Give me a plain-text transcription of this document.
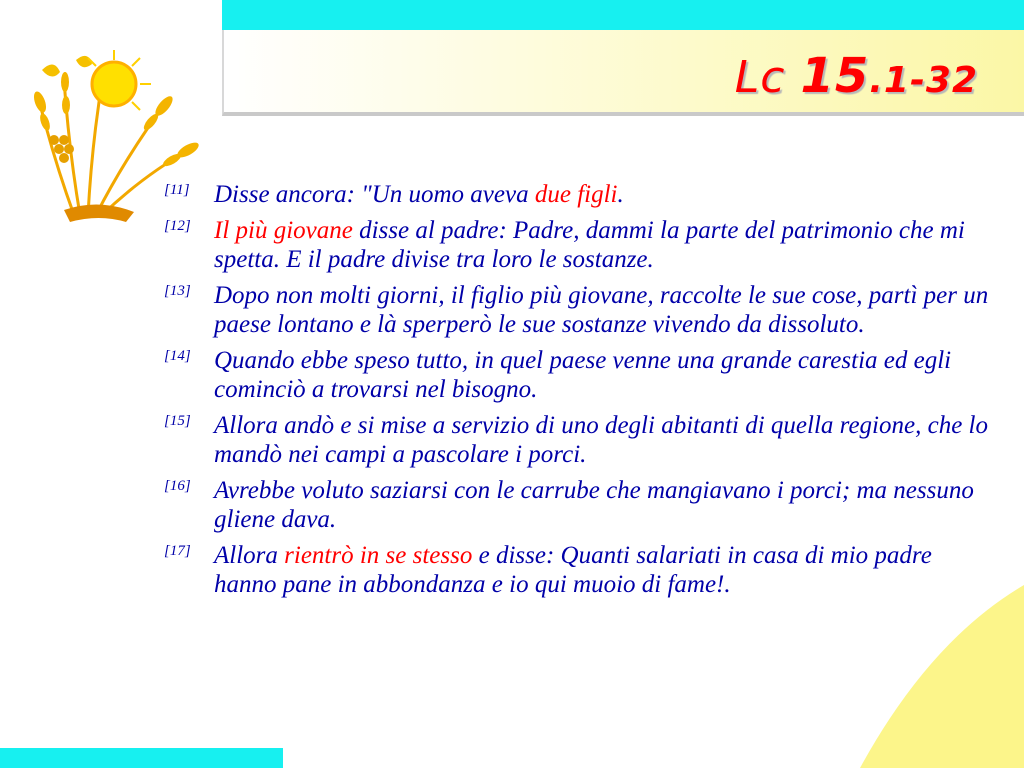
Lc 15.1-32
[11] Disse ancora: "Un uomo aveva due figli.
[12] Il più giovane disse al padre: Padre, dammi la parte del patrimonio che mi spetta. E il padre divise tra loro le sostanze.
[13] Dopo non molti giorni, il figlio più giovane, raccolte le sue cose, partì per un paese lontano e là sperperò le sue sostanze vivendo da dissoluto.
[14] Quando ebbe speso tutto, in quel paese venne una grande carestia ed egli cominciò a trovarsi nel bisogno.
[15] Allora andò e si mise a servizio di uno degli abitanti di quella regione, che lo mandò nei campi a pascolare i porci.
[16] Avrebbe voluto saziarsi con le carrube che mangiavano i porci; ma nessuno gliene dava.
[17] Allora rientrò in se stesso e disse: Quanti salariati in casa di mio padre hanno pane in abbondanza e io qui muoio di fame!.
